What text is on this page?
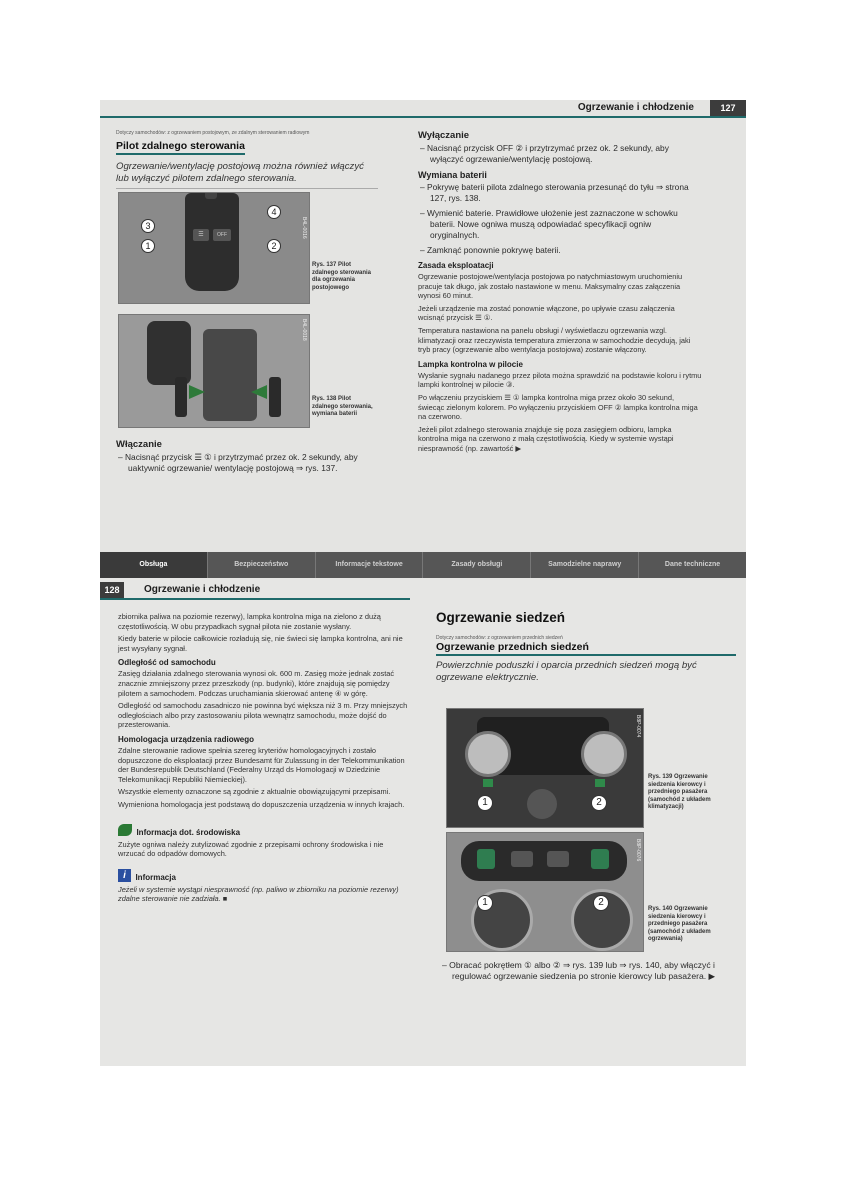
Ogrzewanie i chłodzenie	127
Dotyczy samochodów: z ogrzewaniem postojowym, ze zdalnym sterowaniem radiowym
Pilot zdalnego sterowania

Ogrzewanie/wentylację postojową można również włączyć lub wyłączyć pilotem zdalnego sterowania.

☰	OFF
3
1
4
2
B4L-0016
Rys. 137 Pilot zdalnego sterowania dla ogrzewania postojowego
B4L-0018
Rys. 138 Pilot zdalnego sterowania, wymiana baterii
Włączanie

– Nacisnąć przycisk ☰ ① i przytrzymać przez ok. 2 sekundy, aby uaktywnić ogrzewanie/ wentylację postojową ⇒ rys. 137.

Wyłączanie

– Nacisnąć przycisk OFF ② i przytrzymać przez ok. 2 sekundy, aby wyłączyć ogrzewanie/wentylację postojową.

Wymiana baterii

– Pokrywę baterii pilota zdalnego sterowania przesunąć do tyłu ⇒ strona 127, rys. 138.

– Wymienić baterie. Prawidłowe ułożenie jest zaznaczone w schowku baterii. Nowe ogniwa muszą odpowiadać specyfikacji ogniw oryginalnych.

– Zamknąć ponownie pokrywę baterii.

Zasada eksploatacji

Ogrzewanie postojowe/wentylacja postojowa po natychmiastowym uruchomieniu pracuje tak długo, jak zostało nastawione w menu. Maksymalny czas załączenia wynosi 60 minut.

Jeżeli urządzenie ma zostać ponownie włączone, po upływie czasu załączenia wcisnąć przycisk ☰ ①.

Temperatura nastawiona na panelu obsługi / wyświetlaczu ogrzewania wzgl. klimatyzacji oraz rzeczywista temperatura zmierzona w samochodzie decydują, jaki tryb pracy (ogrzewanie albo wentylacja postojowa) zostanie włączony.

Lampka kontrolna w pilocie

Wysłanie sygnału nadanego przez pilota można sprawdzić na podstawie koloru i rytmu lampki kontrolnej w pilocie ③.

Po włączeniu przyciskiem ☰ ① lampka kontrolna miga przez około 30 sekund, świecąc zielonym kolorem. Po wyłączeniu przyciskiem OFF ② lampka kontrolna miga na czerwono.

Jeżeli pilot zdalnego sterowania znajduje się poza zasięgiem odbioru, lampka kontrolna miga na czerwono z małą częstotliwością. Kiedy w systemie wystąpi niesprawność (np. zawartość ▶

Obsługa	Bezpieczeństwo	Informacje tekstowe	Zasady obsługi	Samodzielne naprawy	Dane techniczne
128	Ogrzewanie i chłodzenie

zbiornika paliwa na poziomie rezerwy), lampka kontrolna miga na zielono z dużą częstotliwością. W obu przypadkach sygnał pilota nie zostanie wysłany.

Kiedy baterie w pilocie całkowicie rozładują się, nie świeci się lampka kontrolna, ani nie jest wysyłany sygnał.

Odległość od samochodu

Zasięg działania zdalnego sterowania wynosi ok. 600 m. Zasięg może jednak zostać znacznie zmniejszony przez przeszkody (np. budynki), które znajdują się pomiędzy pilotem a samochodem. Podczas uruchamiania skierować antenę ④ w górę.

Odległość od samochodu zasadniczo nie powinna być większa niż 3 m. Przy mniejszych odległościach albo przy zastosowaniu pilota wewnątrz samochodu, może dojść do przesterowania.

Homologacja urządzenia radiowego

Zdalne sterowanie radiowe spełnia szereg kryteriów homologacyjnych i zostało dopuszczone do eksploatacji przez Bundesamt für Zulassung in der Telekommunikation der Bundesrepublik Deutschland (Federalny Urząd ds Homologacji w Dziedzinie Telekomunikacji Republiki Niemieckiej).

Wszystkie elementy oznaczone są zgodnie z aktualnie obowiązującymi przepisami.

Wymieniona homologacja jest podstawą do dopuszczenia urządzenia w innych krajach.

Informacja dot. środowiska

Zużyte ogniwa należy zutylizować zgodnie z przepisami ochrony środowiska i nie wrzucać do odpadów domowych.

i Informacja

Jeżeli w systemie wystąpi niesprawność (np. paliwo w zbiorniku na poziomie rezerwy) zdalne sterowanie nie zadziała. ■

Ogrzewanie siedzeń
Dotyczy samochodów: z ogrzewaniem przednich siedzeń
Ogrzewanie przednich siedzeń

Powierzchnie poduszki i oparcia przednich siedzeń mogą być ogrzewane elektrycznie.

1	2
B8P-0074
Rys. 139 Ogrzewanie siedzenia kierowcy i przedniego pasażera (samochód z układem klimatyzacji)
1	2
B8P-0076
Rys. 140 Ogrzewanie siedzenia kierowcy i przedniego pasażera (samochód z układem ogrzewania)

– Obracać pokrętłem ① albo ② ⇒ rys. 139 lub ⇒ rys. 140, aby włączyć i regulować ogrzewanie siedzenia po stronie kierowcy lub pasażera. ▶
